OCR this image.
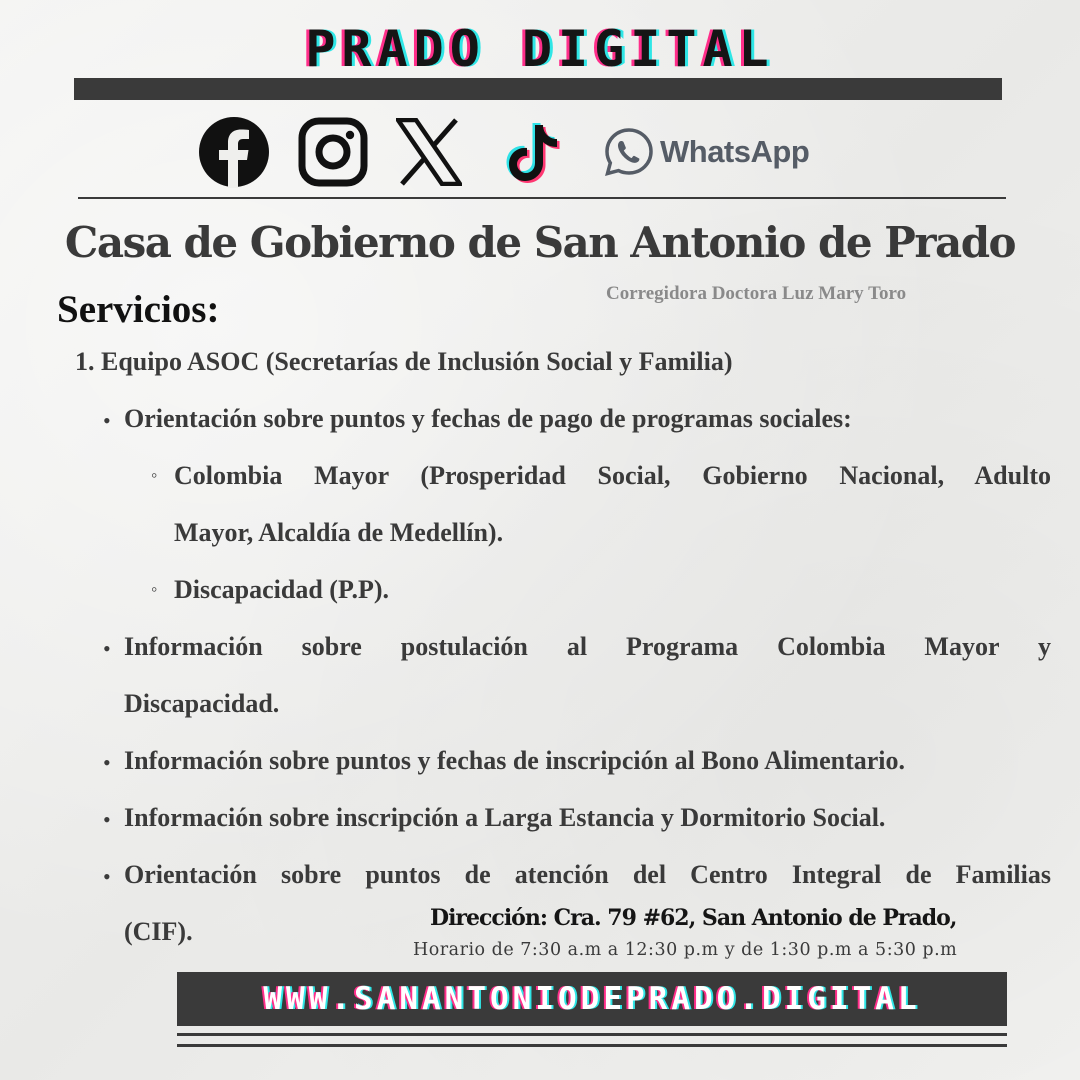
PRADO DIGITAL
WhatsApp
Casa de Gobierno de San Antonio de Prado
Corregidora Doctora Luz Mary Toro
Servicios:
1. Equipo ASOC (Secretarías de Inclusión Social y Familia)
• Orientación sobre puntos y fechas de pago de programas sociales:
◦ Colombia Mayor (Prosperidad Social, Gobierno Nacional, Adulto
Mayor, Alcaldía de Medellín).
◦ Discapacidad (P.P).
• Información sobre postulación al Programa Colombia Mayor y
Discapacidad.
• Información sobre puntos y fechas de inscripción al Bono Alimentario.
• Información sobre inscripción a Larga Estancia y Dormitorio Social.
• Orientación sobre puntos de atención del Centro Integral de Familias
(CIF).	Dirección: Cra. 79 #62, San Antonio de Prado,
Horario de 7:30 a.m a 12:30 p.m y de 1:30 p.m a 5:30 p.m
WWW.SANANTONIODEPRADO.DIGITAL
